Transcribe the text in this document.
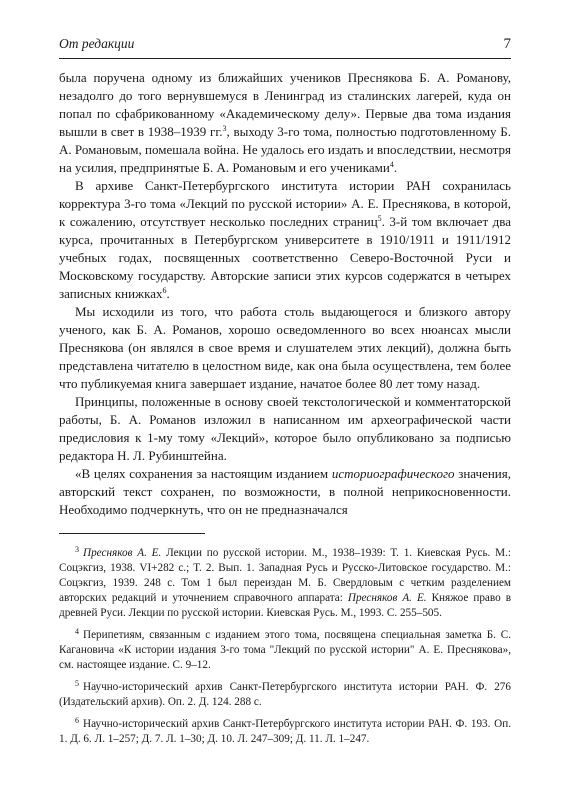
От редакции	7

была поручена одному из ближайших учеников Преснякова Б. А. Романову, незадолго до того вернувшемуся в Ленинград из сталинских лагерей, куда он попал по сфабрикованному «Академическому делу». Первые два тома издания вышли в свет в 1938–1939 гг.$^3$, выходу 3-го тома, полностью подготовленному Б. А. Романовым, помешала война. Не удалось его издать и впоследствии, несмотря на усилия, предпринятые Б. А. Романовым и его учениками$^4$.

В архиве Санкт-Петербургского института истории РАН сохранилась корректура 3-го тома «Лекций по русской истории» А. Е. Преснякова, в которой, к сожалению, отсутствует несколько последних страниц$^5$. 3-й том включает два курса, прочитанных в Петербургском университете в 1910/1911 и 1911/1912 учебных годах, посвященных соответственно Северо-Восточной Руси и Московскому государству. Авторские записи этих курсов содержатся в четырех записных книжках$^6$.

Мы исходили из того, что работа столь выдающегося и близкого автору ученого, как Б. А. Романов, хорошо осведомленного во всех нюансах мысли Преснякова (он являлся в свое время и слушателем этих лекций), должна быть представлена читателю в целостном виде, как она была осуществлена, тем более что публикуемая книга завершает издание, начатое более 80 лет тому назад.

Принципы, положенные в основу своей текстологической и комментаторской работы, Б. А. Романов изложил в написанном им археографической части предисловия к 1-му тому «Лекций», которое было опубликовано за подписью редактора Н. Л. Рубинштейна.

«В целях сохранения за настоящим изданием историографического значения, авторский текст сохранен, по возможности, в полной неприкосновенности. Необходимо подчеркнуть, что он не предназначался

$^3$ Пресняков А. Е. Лекции по русской истории. М., 1938–1939: Т. 1. Киевская Русь. М.: Соцэкгиз, 1938. VI+282 с.; Т. 2. Вып. 1. Западная Русь и Русско-Литовское государство. М.: Соцэкгиз, 1939. 248 с. Том 1 был переиздан М. Б. Свердловым с четким разделением авторских редакций и уточнением справочного аппарата: Пресняков А. Е. Княжое право в древней Руси. Лекции по русской истории. Киевская Русь. М., 1993. С. 255–505.

$^4$ Перипетиям, связанным с изданием этого тома, посвящена специальная заметка Б. С. Кагановича «К истории издания 3-го тома "Лекций по русской истории" А. Е. Преснякова», см. настоящее издание. С. 9–12.

$^5$ Научно-исторический архив Санкт-Петербургского института истории РАН. Ф. 276 (Издательский архив). Оп. 2. Д. 124. 288 с.

$^6$ Научно-исторический архив Санкт-Петербургского института истории РАН. Ф. 193. Оп. 1. Д. 6. Л. 1–257; Д. 7. Л. 1–30; Д. 10. Л. 247–309; Д. 11. Л. 1–247.
